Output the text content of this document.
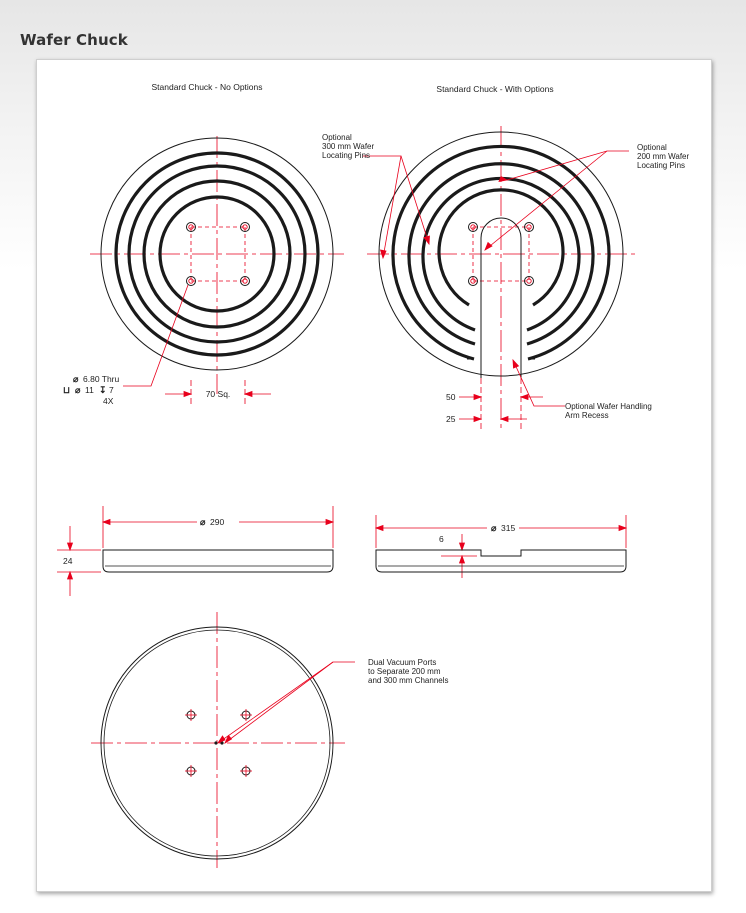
Wafer Chuck
Standard Chuck - No Options	Standard Chuck - With Options
70 Sq.
⌀ 6.80 Thru
⊔ ⌀ 11 ↧ 7
4X
Optional
300 mm Wafer
Locating Pins
Optional
200 mm Wafer
Locating Pins
Optional Wafer Handling
Arm Recess
50
25
⌀ 290
24
⌀ 315
6
Dual Vacuum Ports
to Separate 200 mm
and 300 mm Channels
